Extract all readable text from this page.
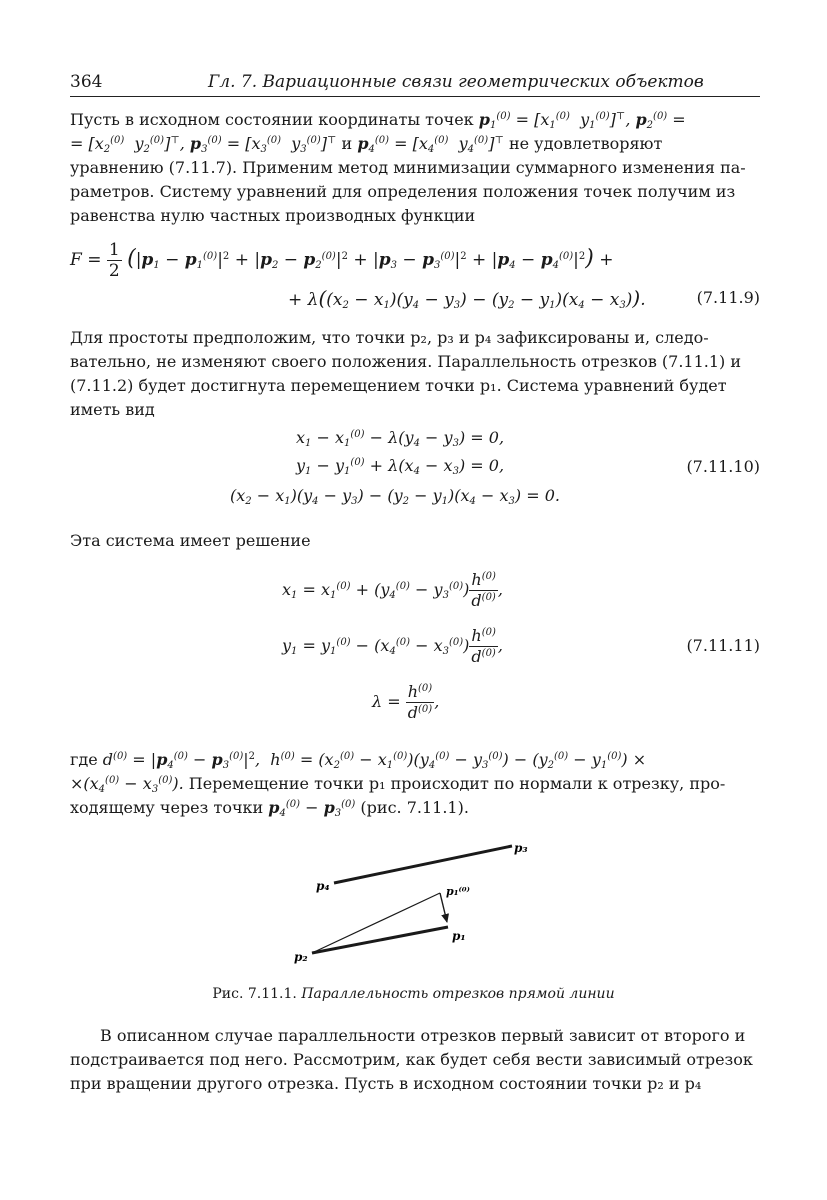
364	Гл. 7. Вариационные связи геометрических объектов
Пусть в исходном состоянии координаты точек $p_1^{(0)} = [x_1^{(0)}$  $y_1^{(0)}]^⊤$, $p_2^{(0)}$ =
= [$x_2^{(0)}$  $y_2^{(0)}]^⊤$, $p_3^{(0)} = [x_3^{(0)}$  $y_3^{(0)}]^⊤$ и $p_4^{(0)} = [x_4^{(0)}$  $y_4^{(0)}]^⊤$ не удовлетворяют
уравнению (7.11.7). Применим метод минимизации суммарного изменения па-
раметров. Систему уравнений для определения положения точек получим из
равенства нулю частных производных функции
$F = \frac{1}{2} (|p_1 - p_1^{(0)}|^2 + |p_2 - p_2^{(0)}|^2 + |p_3 - p_3^{(0)}|^2 + |p_4 - p_4^{(0)}|^2)$ +
+ $\lambda((x_2 - x_1)(y_4 - y_3) - (y_2 - y_1)(x_4 - x_3))$.	(7.11.9)
Для простоты предположим, что точки p₂, p₃ и p₄ зафиксированы и, следо-
вательно, не изменяют своего положения. Параллельность отрезков (7.11.1) и
(7.11.2) будет достигнута перемещением точки p₁. Система уравнений будет
иметь вид
$x_1 - x_1^{(0)} - \lambda(y_4 - y_3) = 0$,
$y_1 - y_1^{(0)} + \lambda(x_4 - x_3) = 0$,
$(x_2 - x_1)(y_4 - y_3) - (y_2 - y_1)(x_4 - x_3) = 0$.
(7.11.10)
Эта система имеет решение
$x_1 = x_1^{(0)} + (y_4^{(0)} - y_3^{(0)}) \frac{h^{(0)}}{d^{(0)}}$ ,
$y_1 = y_1^{(0)} - (x_4^{(0)} - x_3^{(0)}) \frac{h^{(0)}}{d^{(0)}}$ ,
$\lambda = \frac{h^{(0)}}{d^{(0)}}$ ,
(7.11.11)
где $d^{(0)} = |p_4^{(0)} - p_3^{(0)}|^2$,  $h^{(0)} = (x_2^{(0)} - x_1^{(0)})(y_4^{(0)} - y_3^{(0)}) - (y_2^{(0)} - y_1^{(0)})$ ×
$\times(x_4^{(0)} - x_3^{(0)})$. Перемещение точки p₁ происходит по нормали к отрезку, про-
ходящему через точки $p_4^{(0)} - p_3^{(0)}$ (рис. 7.11.1).
p₃
p₄
p₂
p₁
p₁⁽⁰⁾
Рис. 7.11.1. Параллельность отрезков прямой линии
В описанном случае параллельности отрезков первый зависит от второго и
подстраивается под него. Рассмотрим, как будет себя вести зависимый отрезок
при вращении другого отрезка. Пусть в исходном состоянии точки p₂ и p₄
